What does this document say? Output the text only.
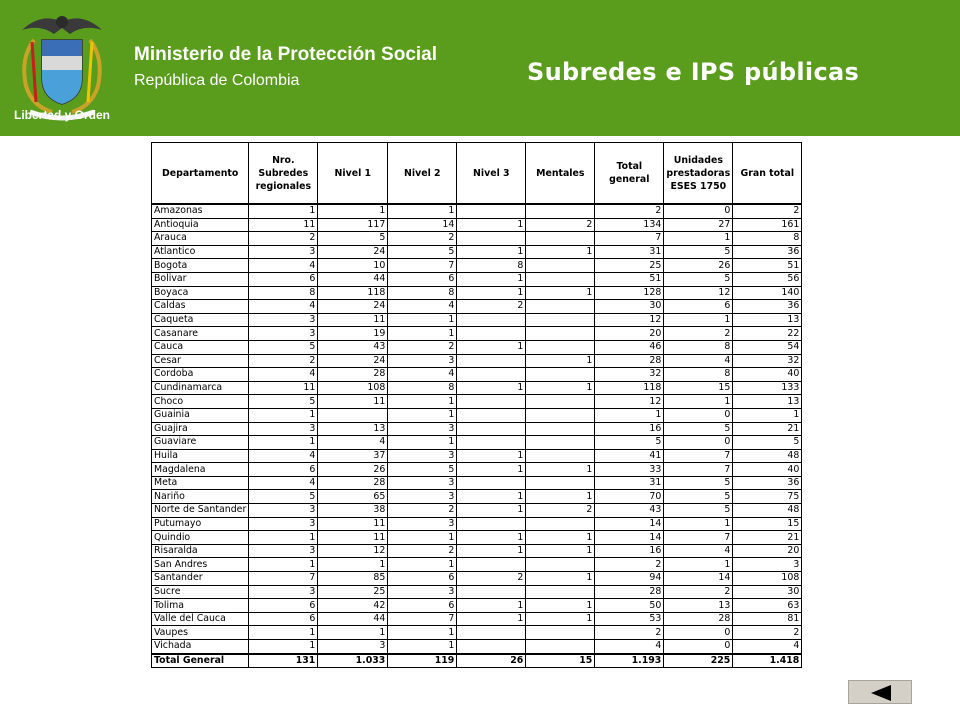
Libertad y Orden
Ministerio de la Protección Social
República de Colombia	Subredes e IPS públicas
Departamento	Nro. Subredes regionales	Nivel 1	Nivel 2	Nivel 3	Mentales	Total general	Unidades prestadoras ESES 1750	Gran total
Amazonas	1	1	1			2	0	2
Antioquia	11	117	14	1	2	134	27	161
Arauca	2	5	2			7	1	8
Atlantico	3	24	5	1	1	31	5	36
Bogota	4	10	7	8		25	26	51
Bolivar	6	44	6	1		51	5	56
Boyaca	8	118	8	1	1	128	12	140
Caldas	4	24	4	2		30	6	36
Caqueta	3	11	1			12	1	13
Casanare	3	19	1			20	2	22
Cauca	5	43	2	1		46	8	54
Cesar	2	24	3		1	28	4	32
Cordoba	4	28	4			32	8	40
Cundinamarca	11	108	8	1	1	118	15	133
Choco	5	11	1			12	1	13
Guainia	1		1			1	0	1
Guajira	3	13	3			16	5	21
Guaviare	1	4	1			5	0	5
Huila	4	37	3	1		41	7	48
Magdalena	6	26	5	1	1	33	7	40
Meta	4	28	3			31	5	36
Nariño	5	65	3	1	1	70	5	75
Norte de Santander	3	38	2	1	2	43	5	48
Putumayo	3	11	3			14	1	15
Quindio	1	11	1	1	1	14	7	21
Risaralda	3	12	2	1	1	16	4	20
San Andres	1	1	1			2	1	3
Santander	7	85	6	2	1	94	14	108
Sucre	3	25	3			28	2	30
Tolima	6	42	6	1	1	50	13	63
Valle del Cauca	6	44	7	1	1	53	28	81
Vaupes	1	1	1			2	0	2
Vichada	1	3	1			4	0	4
Total General	131	1.033	119	26	15	1.193	225	1.418
